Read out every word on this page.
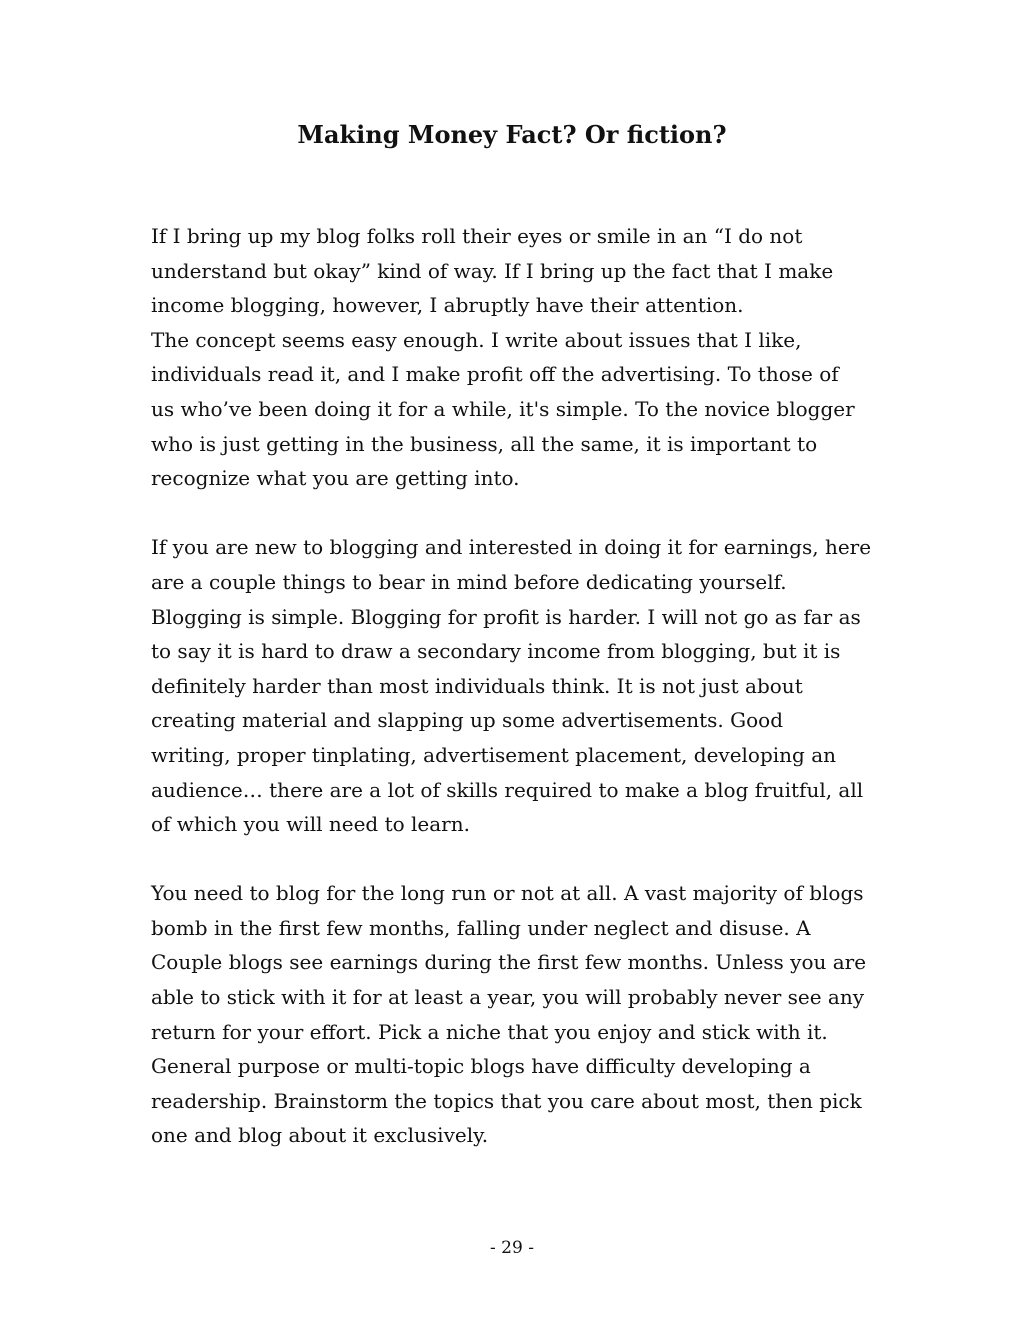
Making Money Fact? Or fiction?

If I bring up my blog folks roll their eyes or smile in an “I do not
understand but okay” kind of way. If I bring up the fact that I make
income blogging, however, I abruptly have their attention.
The concept seems easy enough. I write about issues that I like,
individuals read it, and I make profit off the advertising. To those of
us who’ve been doing it for a while, it's simple. To the novice blogger
who is just getting in the business, all the same, it is important to
recognize what you are getting into.

If you are new to blogging and interested in doing it for earnings, here
are a couple things to bear in mind before dedicating yourself.
Blogging is simple. Blogging for profit is harder. I will not go as far as
to say it is hard to draw a secondary income from blogging, but it is
definitely harder than most individuals think. It is not just about
creating material and slapping up some advertisements. Good
writing, proper tinplating, advertisement placement, developing an
audience… there are a lot of skills required to make a blog fruitful, all
of which you will need to learn.

You need to blog for the long run or not at all. A vast majority of blogs
bomb in the first few months, falling under neglect and disuse. A
Couple blogs see earnings during the first few months. Unless you are
able to stick with it for at least a year, you will probably never see any
return for your effort. Pick a niche that you enjoy and stick with it.
General purpose or multi-topic blogs have difficulty developing a
readership. Brainstorm the topics that you care about most, then pick
one and blog about it exclusively.

- 29 -
